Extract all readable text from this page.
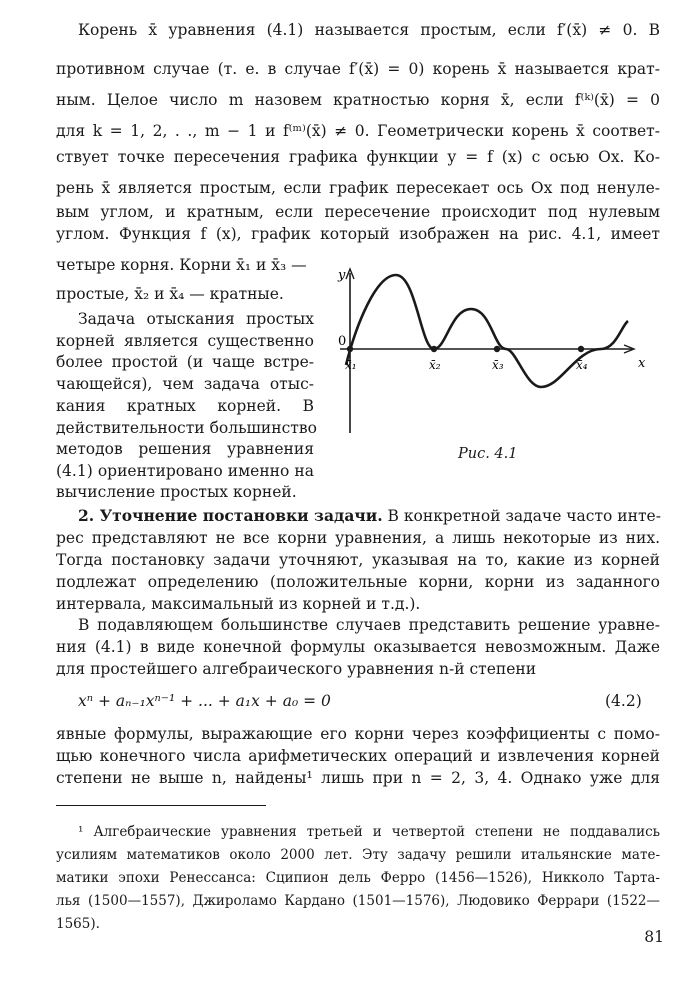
Корень x̄ уравнения (4.1) называется простым, если f′(x̄) ≠ 0. В
противном случае (т. е. в случае f′(x̄) = 0) корень x̄ называется крат-
ным. Целое число m назовем кратностью корня x̄, если f⁽ᵏ⁾(x̄) = 0
для k = 1, 2, . ., m − 1 и f⁽ᵐ⁾(x̄) ≠ 0. Геометрически корень x̄ соответ-
ствует точке пересечения графика функции y = f (x) с осью Ox. Ко-
рень x̄ является простым, если график пересекает ось Ox под ненуле-
вым углом, и кратным, если пересечение происходит под нулевым
углом. Функция f (x), график который изображен на рис. 4.1, имеет
четыре корня. Корни x̄₁ и x̄₃ —
простые, x̄₂ и x̄₄ — кратные.
Задача отыскания простых
корней является существенно
более простой (и чаще встре-
чающейся), чем задача отыс-
кания кратных корней. В
действительности большинство
методов решения уравнения
(4.1) ориентировано именно на
вычисление простых корней.
y
x
0
x̄₁	x̄₂	x̄₃	x̄₄
Рис. 4.1
2. Уточнение постановки задачи. В конкретной задаче часто инте-
рес представляют не все корни уравнения, а лишь некоторые из них.
Тогда постановку задачи уточняют, указывая на то, какие из корней
подлежат определению (положительные корни, корни из заданного
интервала, максимальный из корней и т.д.).
В подавляющем большинстве случаев представить решение уравне-
ния (4.1) в виде конечной формулы оказывается невозможным. Даже
для простейшего алгебраического уравнения n-й степени
xⁿ + aₙ₋₁xⁿ⁻¹ + ... + a₁x + a₀ = 0	(4.2)
явные формулы, выражающие его корни через коэффициенты с помо-
щью конечного числа арифметических операций и извлечения корней
степени не выше n, найдены¹ лишь при n = 2, 3, 4. Однако уже для
¹ Алгебраические уравнения третьей и четвертой степени не поддавались
усилиям математиков около 2000 лет. Эту задачу решили итальянские мате-
матики эпохи Ренессанса: Сципион дель Ферро (1456—1526), Никколо Тарта-
лья (1500—1557), Джироламо Кардано (1501—1576), Людовико Феррари (1522—
1565).
81
